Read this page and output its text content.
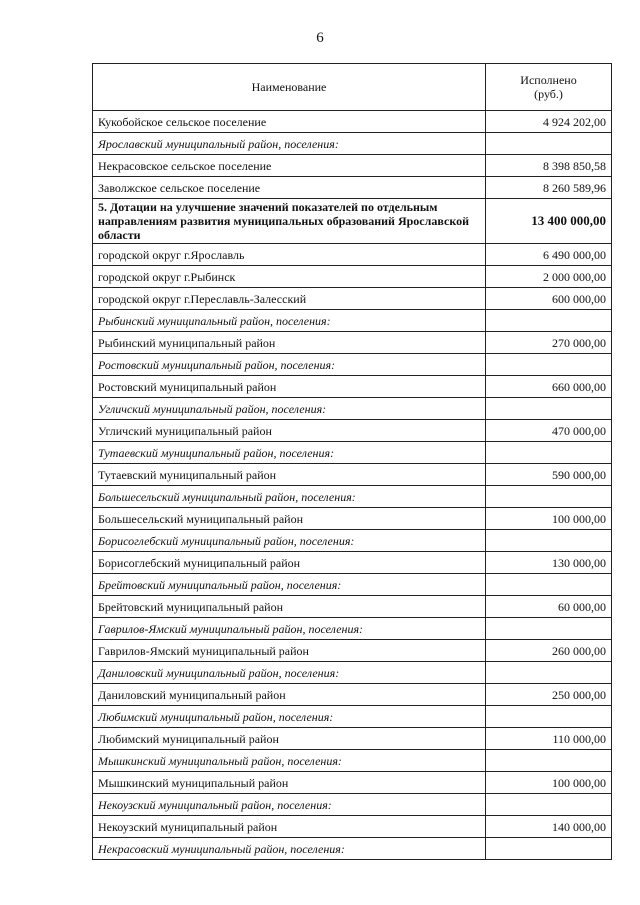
6
Наименование	Исполнено
(руб.)
Кукобойское сельское поселение	4 924 202,00
Ярославский муниципальный район, поселения:	
Некрасовское сельское поселение	8 398 850,58
Заволжское сельское поселение	8 260 589,96
5. Дотации на улучшение значений показателей по отдельным направлениям развития муниципальных образований Ярославской области	13 400 000,00
городской округ г.Ярославль	6 490 000,00
городской округ г.Рыбинск	2 000 000,00
городской округ г.Переславль-Залесский	600 000,00
Рыбинский муниципальный район, поселения:	
Рыбинский муниципальный район	270 000,00
Ростовский муниципальный район, поселения:	
Ростовский муниципальный район	660 000,00
Угличский муниципальный район, поселения:	
Угличский муниципальный район	470 000,00
Тутаевский муниципальный район, поселения:	
Тутаевский муниципальный район	590 000,00
Большесельский муниципальный район, поселения:	
Большесельский муниципальный район	100 000,00
Борисоглебский муниципальный район, поселения:	
Борисоглебский муниципальный район	130 000,00
Брейтовский муниципальный район, поселения:	
Брейтовский муниципальный район	60 000,00
Гаврилов-Ямский муниципальный район, поселения:	
Гаврилов-Ямский муниципальный район	260 000,00
Даниловский муниципальный район, поселения:	
Даниловский муниципальный район	250 000,00
Любимский муниципальный район, поселения:	
Любимский муниципальный район	110 000,00
Мышкинский муниципальный район, поселения:	
Мышкинский муниципальный район	100 000,00
Некоузский муниципальный район, поселения:	
Некоузский муниципальный район	140 000,00
Некрасовский муниципальный район, поселения:	
